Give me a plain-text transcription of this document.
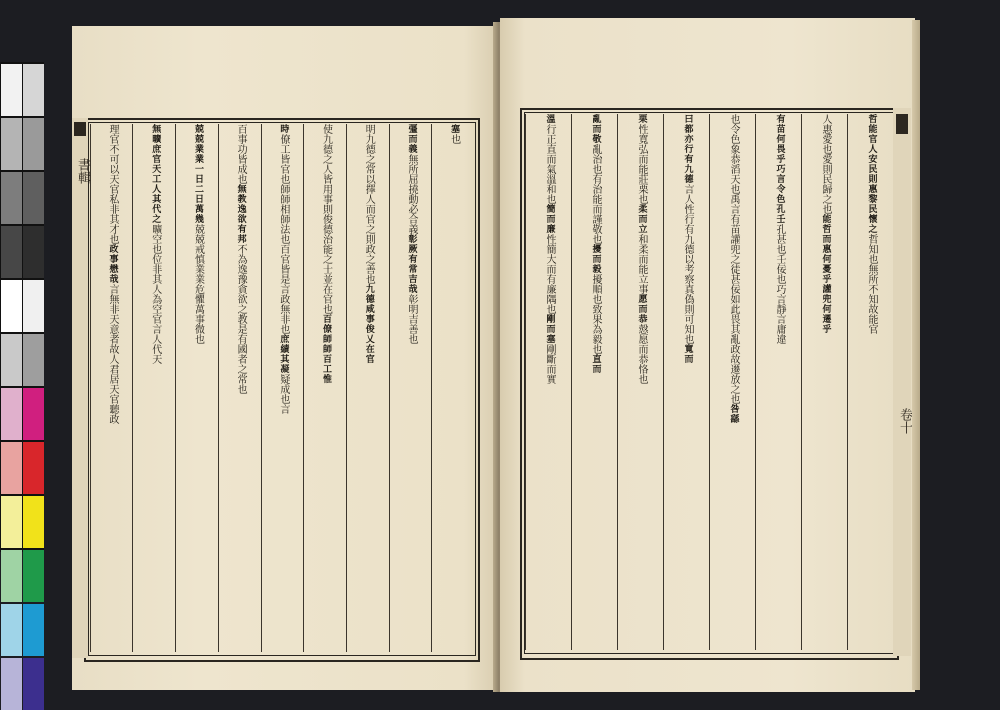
塞
也
彊而義
無所屈撓動必合義
彰厥有常吉哉
彰明吉善也
明九德之常以擇人而官之則政之善也
九德咸事俊乂在官
使九德之人皆用事則俊德治能之士並在官也
百僚師師百工惟
時
僚工皆官也師師相師法也百官皆是言政無非也
庶績其凝
疑成也言
百事功皆成也
無教逸欲有邦
不為逸豫貪欲之教是有國者之常也
兢兢業業一日二日萬幾
兢兢戒慎業業危懼萬事微也
無曠庶官天工人其代之
曠空也位非其人為空官言人代天
理官不可以天官私非其才也
政事懋哉
言無非天意者故人君居天官聽政
書輯	哲能官人安民則惠黎民懷之
哲知也無所不知故能官
人惠愛也愛則民歸之也
能哲而惠何憂乎讙兜何遷乎
有苗何畏乎巧言令色孔壬
孔甚也壬佞也巧言靜言庸違
也令色象恭滔天也禹言有苗讙兜之徒甚佞如此畏其亂政故遷放之也
咎繇
曰都亦行有九德
言人性行有九德以考察真偽則可知也
寬而
栗
性寬弘而能莊栗也
柔而立
和柔而能立事
愿而恭
慤愿而恭恪也
亂而敬
亂治也有治能而謹敬也
擾而毅
擾順也致果為毅也
直而
溫
行正直而氣溫和也
簡而廉
性簡大而有廉隅也
剛而塞
剛斷而實
卷十
